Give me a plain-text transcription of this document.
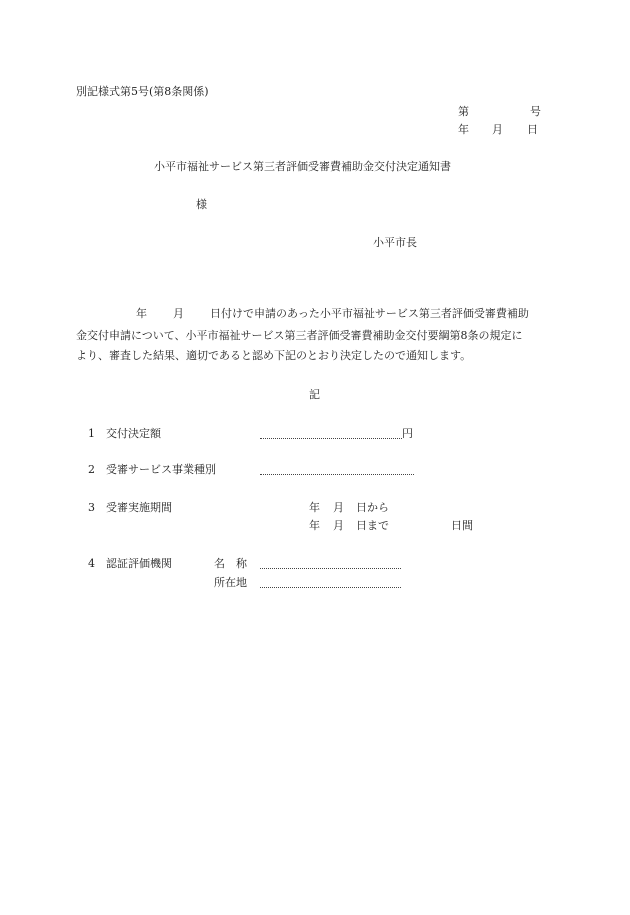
別記様式第5号(第8条関係)
第	号
年 月 日
小平市福祉サービス第三者評価受審費補助金交付決定通知書
様
小平市長
年 月 日付けで申請のあった小平市福祉サービス第三者評価受審費補助
金交付申請について、小平市福祉サービス第三者評価受審費補助金交付要綱第8条の規定に
より、審査した結果、適切であると認め下記のとおり決定したので通知します。
記
1 交付決定額	円
2 受審サービス事業種別
3 受審実施期間	年 月 日から
年 月 日まで	日間
4 認証評価機関	名　称
所在地
